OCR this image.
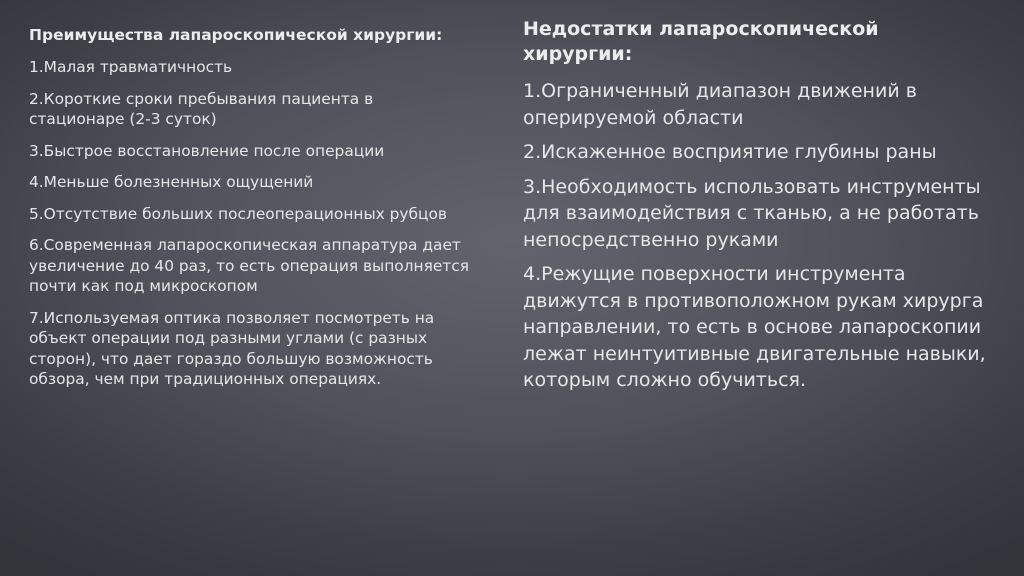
Преимущества лапароскопической хирургии:

1.Малая травматичность
2.Короткие сроки пребывания пациента в стационаре (2-3 суток)
3.Быстрое восстановление после операции
4.Меньше болезненных ощущений
5.Отсутствие больших послеоперационных рубцов
6.Современная лапароскопическая аппаратура дает увеличение до 40 раз, то есть операция выполняется почти как под микроскопом
7.Используемая оптика позволяет посмотреть на объект операции под разными углами (с разных сторон), что дает гораздо большую возможность обзора, чем при традиционных операциях.

Недостатки лапароскопической хирургии:

1.Ограниченный диапазон движений в оперируемой области
2.Искаженное восприятие глубины раны
3.Необходимость использовать инструменты для взаимодействия с тканью, а не работать непосредственно руками
4.Режущие поверхности инструмента движутся в противоположном рукам хирурга направлении, то есть в основе лапароскопии лежат неинтуитивные двигательные навыки, которым сложно обучиться.
